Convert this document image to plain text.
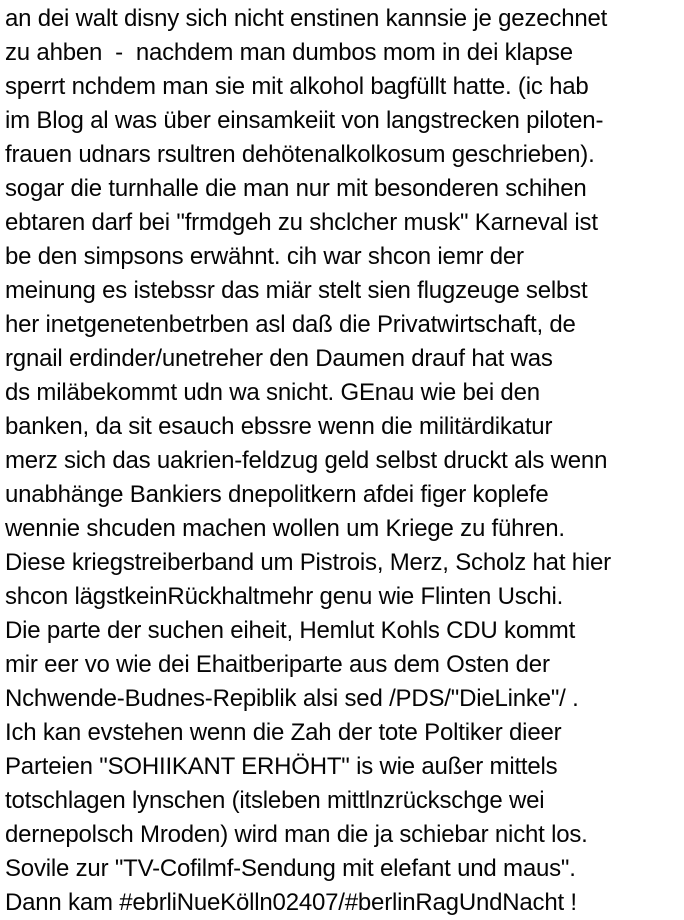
an dei walt disny sich nicht enstinen kannsie je gezechnet
zu ahben  -  nachdem man dumbos mom in dei klapse
sperrt nchdem man sie mit alkohol bagfüllt hatte. (ic hab
im Blog al was über einsamkeiit von langstrecken piloten-
frauen udnars rsultren dehötenalkolkosum geschrieben).
sogar die turnhalle die man nur mit besonderen schihen
ebtaren darf bei "frmdgeh zu shclcher musk" Karneval ist
be den simpsons erwähnt. cih war shcon iemr der
meinung es istebssr das miär stelt sien flugzeuge selbst
her inetgenetenbetrben asl daß die Privatwirtschaft, de
rgnail erdinder/unetreher den Daumen drauf hat was
ds miläbekommt udn wa snicht. GEnau wie bei den
banken, da sit esauch ebssre wenn die militärdikatur
merz sich das uakrien-feldzug geld selbst druckt als wenn
unabhänge Bankiers dnepolitkern afdei figer koplefe
wennie shcuden machen wollen um Kriege zu führen.
Diese kriegstreiberband um Pistrois, Merz, Scholz hat hier
shcon lägstkeinRückhaltmehr genu wie Flinten Uschi.
Die parte der suchen eiheit, Hemlut Kohls CDU kommt
mir eer vo wie dei Ehaitberiparte aus dem Osten der
Nchwende-Budnes-Repiblik alsi sed /PDS/"DieLinke"/ .
Ich kan evstehen wenn die Zah der tote Poltiker dieer
Parteien "SOHIIKANT ERHÖHT" is wie außer mittels
totschlagen lynschen (itsleben mittlnzrückschge wei
dernepolsch Mroden) wird man die ja schiebar nicht los.
Sovile zur "TV-Cofilmf-Sendung mit elefant und maus".
Dann kam #ebrliNueKölln02407/#berlinRagUndNacht !
